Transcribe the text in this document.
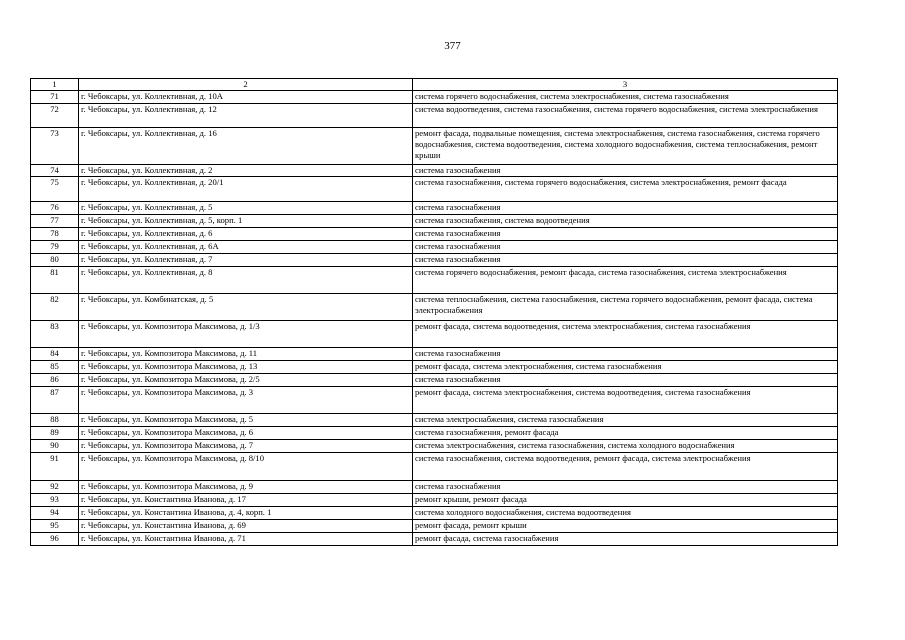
377
1	2	3
71	г. Чебоксары, ул. Коллективная, д. 10А	система горячего водоснабжения, система электроснабжения, система газоснабжения
72	г. Чебоксары, ул. Коллективная, д. 12	система водоотведения, система газоснабжения, система горячего водоснабжения, система электроснабжения
73	г. Чебоксары, ул. Коллективная, д. 16	ремонт фасада, подвальные помещения, система электроснабжения, система газоснабжения, система горячего водоснабжения, система водоотведения, система холодного водоснабжения, система теплоснабжения, ремонт крыши
74	г. Чебоксары, ул. Коллективная, д. 2	система газоснабжения
75	г. Чебоксары, ул. Коллективная, д. 20/1	система газоснабжения, система горячего водоснабжения, система электроснабжения, ремонт фасада
76	г. Чебоксары, ул. Коллективная, д. 5	система газоснабжения
77	г. Чебоксары, ул. Коллективная, д. 5, корп. 1	система газоснабжения, система водоотведения
78	г. Чебоксары, ул. Коллективная, д. 6	система газоснабжения
79	г. Чебоксары, ул. Коллективная, д. 6А	система газоснабжения
80	г. Чебоксары, ул. Коллективная, д. 7	система газоснабжения
81	г. Чебоксары, ул. Коллективная, д. 8	система горячего водоснабжения, ремонт фасада, система газоснабжения, система электроснабжения
82	г. Чебоксары, ул. Комбинатская, д. 5	система теплоснабжения, система газоснабжения, система горячего водоснабжения, ремонт фасада, система электроснабжения
83	г. Чебоксары, ул. Композитора Максимова, д. 1/3	ремонт фасада, система водоотведения, система электроснабжения, система газоснабжения
84	г. Чебоксары, ул. Композитора Максимова, д. 11	система газоснабжения
85	г. Чебоксары, ул. Композитора Максимова, д. 13	ремонт фасада, система электроснабжения, система газоснабжения
86	г. Чебоксары, ул. Композитора Максимова, д. 2/5	система газоснабжения
87	г. Чебоксары, ул. Композитора Максимова, д. 3	ремонт фасада, система электроснабжения, система водоотведения, система газоснабжения
88	г. Чебоксары, ул. Композитора Максимова, д. 5	система электроснабжения, система газоснабжения
89	г. Чебоксары, ул. Композитора Максимова, д. 6	система газоснабжения, ремонт фасада
90	г. Чебоксары, ул. Композитора Максимова, д. 7	система электроснабжения, система газоснабжения, система холодного водоснабжения
91	г. Чебоксары, ул. Композитора Максимова, д. 8/10	система газоснабжения, система водоотведения, ремонт фасада, система электроснабжения
92	г. Чебоксары, ул. Композитора Максимова, д. 9	система газоснабжения
93	г. Чебоксары, ул. Константина Иванова, д. 17	ремонт крыши, ремонт фасада
94	г. Чебоксары, ул. Константина Иванова, д. 4, корп. 1	система холодного водоснабжения, система водоотведения
95	г. Чебоксары, ул. Константина Иванова, д. 69	ремонт фасада, ремонт крыши
96	г. Чебоксары, ул. Константина Иванова, д. 71	ремонт фасада, система газоснабжения
